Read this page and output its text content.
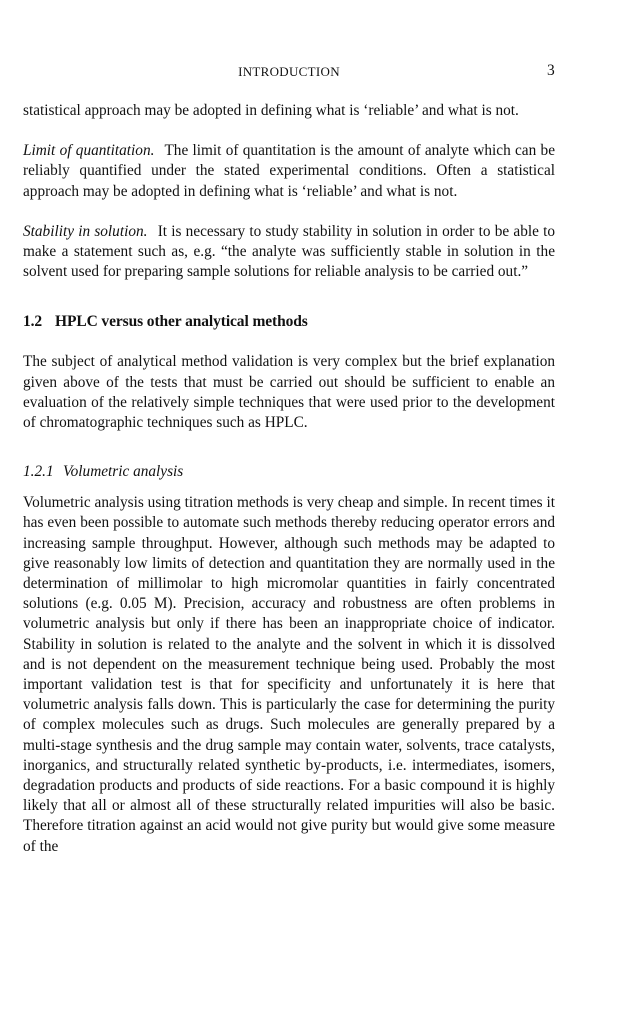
INTRODUCTION	3

statistical approach may be adopted in defining what is ‘reliable’ and what is not.

Limit of quantitation. The limit of quantitation is the amount of analyte which can be reliably quantified under the stated experimental conditions. Often a statistical approach may be adopted in defining what is ‘reliable’ and what is not.

Stability in solution. It is necessary to study stability in solution in order to be able to make a statement such as, e.g. “the analyte was sufficiently stable in solution in the solvent used for preparing sample solutions for reliable analysis to be carried out.”

1.2 HPLC versus other analytical methods

The subject of analytical method validation is very complex but the brief explanation given above of the tests that must be carried out should be sufficient to enable an evaluation of the relatively simple techniques that were used prior to the development of chromatographic techniques such as HPLC.

1.2.1 Volumetric analysis

Volumetric analysis using titration methods is very cheap and simple. In recent times it has even been possible to automate such methods thereby reducing operator errors and increasing sample throughput. However, although such methods may be adapted to give reasonably low limits of detection and quantitation they are normally used in the determination of millimolar to high micromolar quantities in fairly concentrated solutions (e.g. 0.05 M). Precision, accuracy and robustness are often problems in volumetric analysis but only if there has been an inappropriate choice of indicator. Stability in solution is related to the analyte and the solvent in which it is dissolved and is not dependent on the measurement technique being used. Probably the most important validation test is that for specificity and unfortunately it is here that volumetric analysis falls down. This is particularly the case for determining the purity of complex molecules such as drugs. Such molecules are generally prepared by a multi-stage synthesis and the drug sample may contain water, solvents, trace catalysts, inorganics, and structurally related synthetic by-products, i.e. intermediates, isomers, degradation products and products of side reactions. For a basic compound it is highly likely that all or almost all of these structurally related impurities will also be basic. Therefore titration against an acid would not give purity but would give some measure of the
